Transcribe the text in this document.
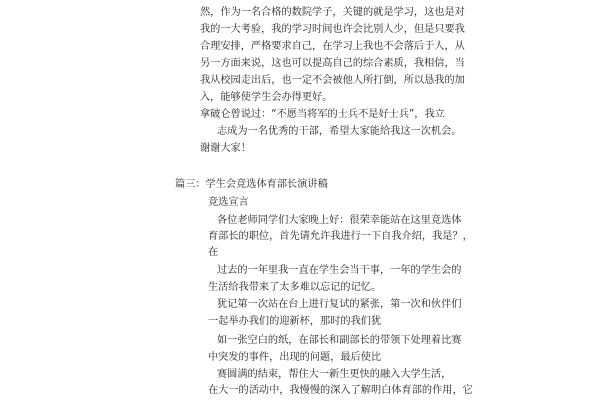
然，作为一名合格的数院学子，关键的就是学习，这也是对

我的一大考验，我的学习时间也许会比别人少，但是只要我

合理安排，严格要求自己，在学习上我也不会落后于人，从

另一方面来说，这也可以提高自己的综合素质，我相信，当

我从校园走出后，也一定不会被他人所打倒，所以恳我的加

入，能够使学生会办得更好。

拿破仑曾说过：“不愿当将军的士兵不是好士兵”，我立

志成为一名优秀的干部，希望大家能给我这一次机会。

谢谢大家！

篇三：学生会竞选体育部长演讲稿

竞选宣言

各位老师同学们大家晚上好：很荣幸能站在这里竞选体

育部长的职位，首先请允许我进行一下自我介绍，我是？，

在

过去的一年里我一直在学生会当干事，一年的学生会的

生活给我带来了太多难以忘记的记忆。

犹记第一次站在台上进行复试的紧张，第一次和伙伴们

一起举办我们的迎新杯，那时的我们犹

如一张空白的纸，在部长和副部长的带领下处理着比赛

中突发的事件，出现的问题，最后使比

赛圆满的结束，帮住大一新生更快的融入大学生活，

在大一的活动中，我慢慢的深入了解明白体育部的作用，它
